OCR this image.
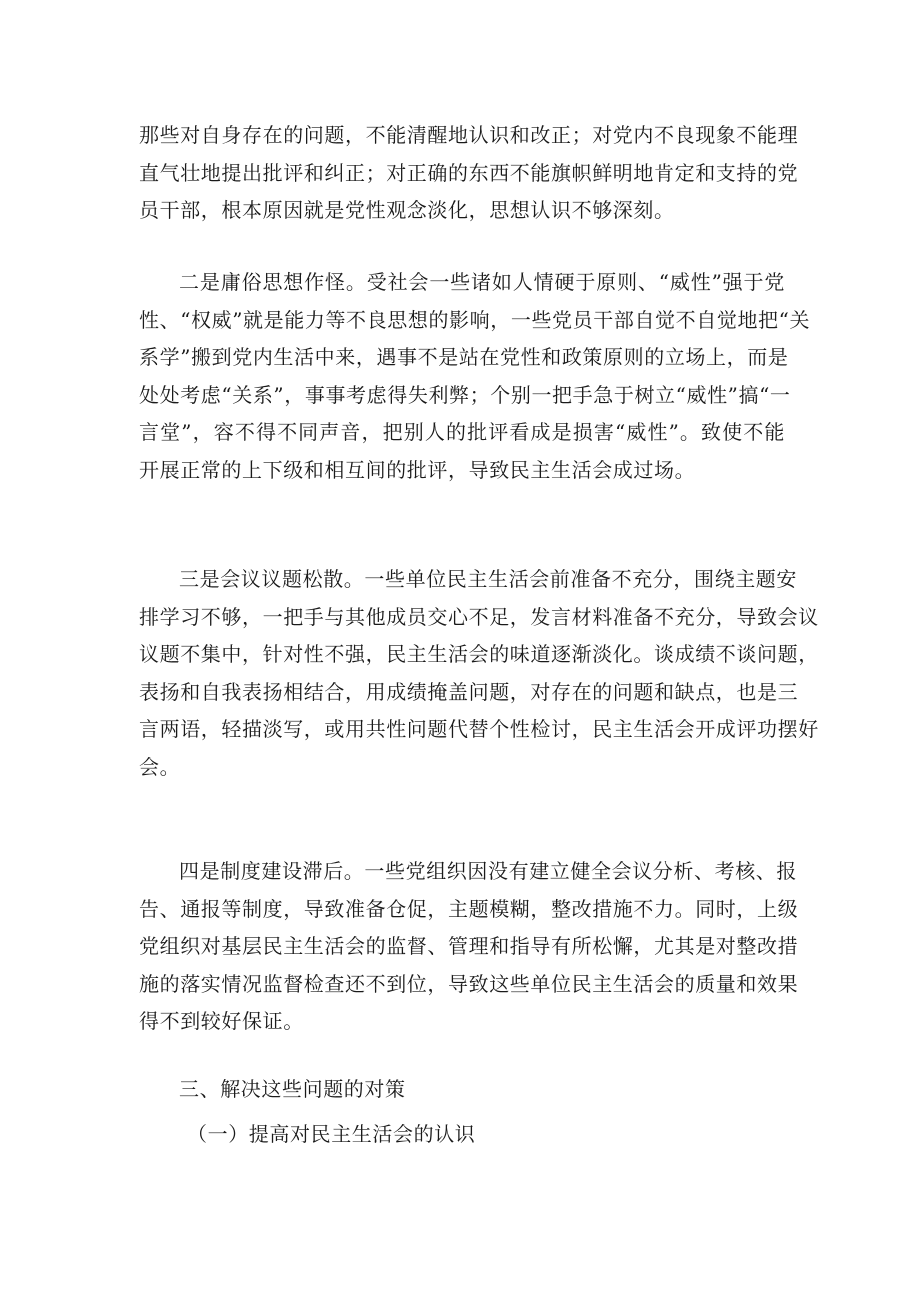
那些对自身存在的问题，不能清醒地认识和改正；对党内不良现象不能理
直气壮地提出批评和纠正；对正确的东西不能旗帜鲜明地肯定和支持的党
员干部，根本原因就是党性观念淡化，思想认识不够深刻。
二是庸俗思想作怪。受社会一些诸如人情硬于原则、“威性”强于党
性、“权威”就是能力等不良思想的影响，一些党员干部自觉不自觉地把“关
系学”搬到党内生活中来，遇事不是站在党性和政策原则的立场上，而是
处处考虑“关系”，事事考虑得失利弊；个别一把手急于树立“威性”搞“一
言堂”，容不得不同声音，把别人的批评看成是损害“威性”。致使不能
开展正常的上下级和相互间的批评，导致民主生活会成过场。
三是会议议题松散。一些单位民主生活会前准备不充分，围绕主题安
排学习不够，一把手与其他成员交心不足，发言材料准备不充分，导致会议
议题不集中，针对性不强，民主生活会的味道逐渐淡化。谈成绩不谈问题，
表扬和自我表扬相结合，用成绩掩盖问题，对存在的问题和缺点，也是三
言两语，轻描淡写，或用共性问题代替个性检讨，民主生活会开成评功摆好
会。
四是制度建设滞后。一些党组织因没有建立健全会议分析、考核、报
告、通报等制度，导致准备仓促，主题模糊，整改措施不力。同时，上级
党组织对基层民主生活会的监督、管理和指导有所松懈，尤其是对整改措
施的落实情况监督检查还不到位，导致这些单位民主生活会的质量和效果
得不到较好保证。

三、解决这些问题的对策

（一）提高对民主生活会的认识
